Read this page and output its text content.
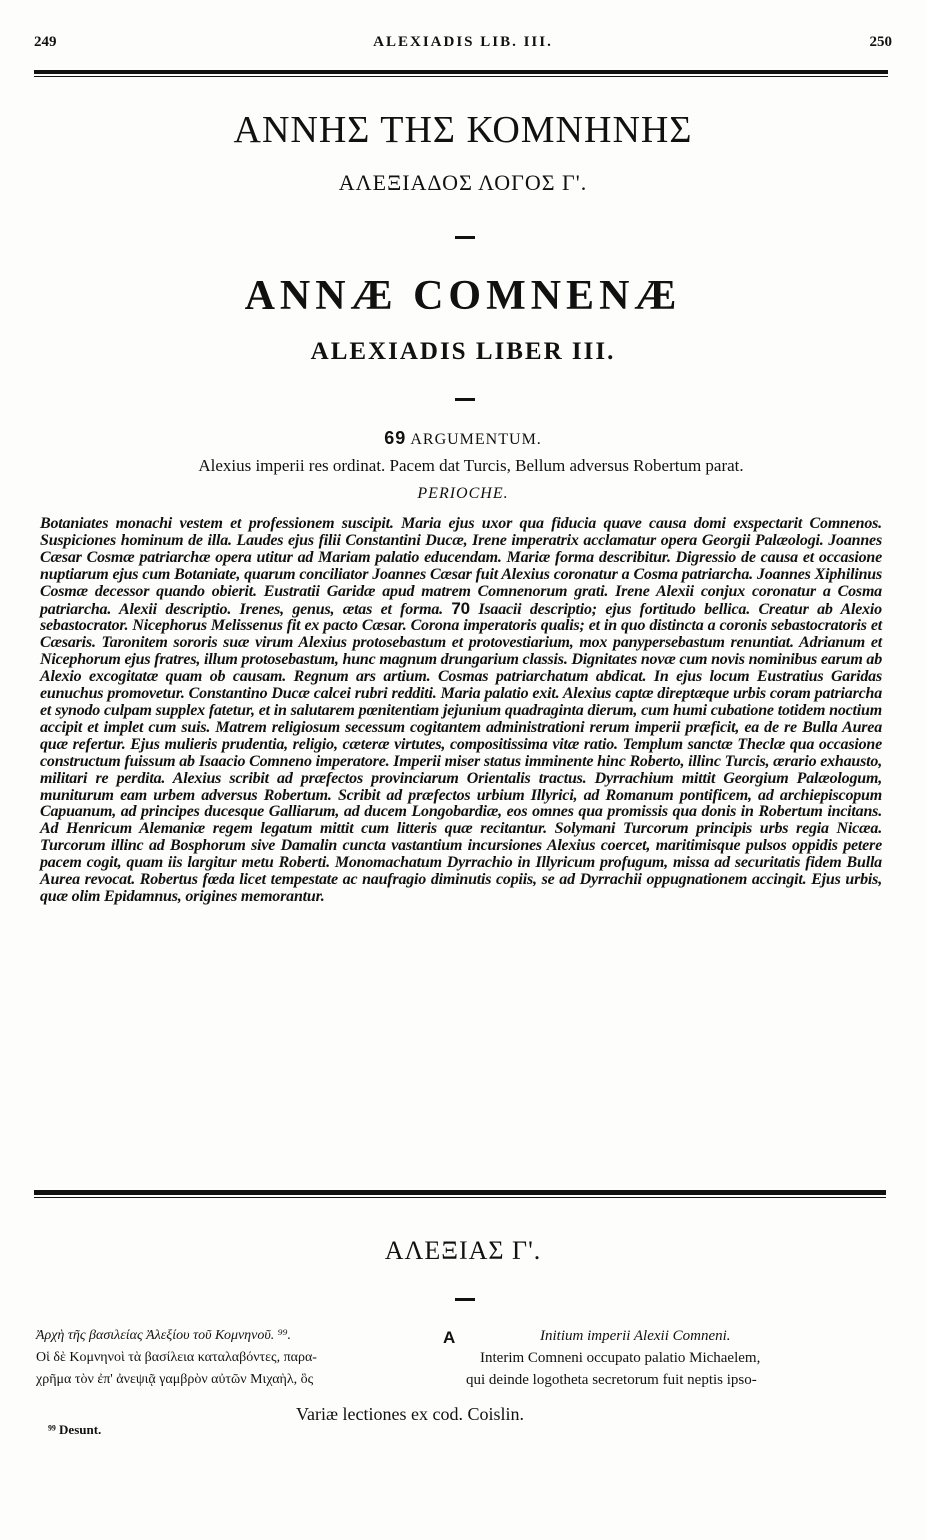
249	ALEXIADIS LIB. III.	250
ΑΝΝΗΣ ΤΗΣ ΚΟΜΝΗΝΗΣ
ΑΛΕΞΙΑΔΟΣ ΛΟΓΟΣ Γ'.
ANNÆ COMNENÆ
ALEXIADIS LIBER III.
69 ARGUMENTUM.
Alexius imperii res ordinat. Pacem dat Turcis, Bellum adversus Robertum parat.
PERIOCHE.
Botaniates monachi vestem et professionem suscipit. Maria ejus uxor qua fiducia quave causa domi exspectarit Comnenos. Suspiciones hominum de illa. Laudes ejus filii Constantini Ducæ, Irene imperatrix acclamatur opera Georgii Palæologi. Joannes Cæsar Cosmæ patriarchæ opera utitur ad Mariam palatio educendam. Mariæ forma describitur. Digressio de causa et occasione nuptiarum ejus cum Botaniate, quarum conciliator Joannes Cæsar fuit Alexius coronatur a Cosma patriarcha. Joannes Xiphilinus Cosmæ decessor quando obierit. Eustratii Garidæ apud matrem Comnenorum grati. Irene Alexii conjux coronatur a Cosma patriarcha. Alexii descriptio. Irenes, genus, ætas et forma. 70 Isaacii descriptio; ejus fortitudo bellica. Creatur ab Alexio sebastocrator. Nicephorus Melissenus fit ex pacto Cæsar. Corona imperatoris qualis; et in quo distincta a coronis sebastocratoris et Cæsaris. Taronitem sororis suæ virum Alexius protosebastum et protovestiarium, mox panypersebastum renuntiat. Adrianum et Nicephorum ejus fratres, illum protosebastum, hunc magnum drungarium classis. Dignitates novæ cum novis nominibus earum ab Alexio excogitatæ quam ob causam. Regnum ars artium. Cosmas patriarchatum abdicat. In ejus locum Eustratius Garidas eunuchus promovetur. Constantino Ducæ calcei rubri redditi. Maria palatio exit. Alexius captæ direptæque urbis coram patriarcha et synodo culpam supplex fatetur, et in salutarem pœnitentiam jejunium quadraginta dierum, cum humi cubatione totidem noctium accipit et implet cum suis. Matrem religiosum secessum cogitantem administrationi rerum imperii præficit, ea de re Bulla Aurea quæ refertur. Ejus mulieris prudentia, religio, cæteræ virtutes, compositissima vitæ ratio. Templum sanctæ Theclæ qua occasione constructum fuissum ab Isaacio Comneno imperatore. Imperii miser status imminente hinc Roberto, illinc Turcis, ærario exhausto, militari re perdita. Alexius scribit ad præfectos provinciarum Orientalis tractus. Dyrrachium mittit Georgium Palæologum, muniturum eam urbem adversus Robertum. Scribit ad præfectos urbium Illyrici, ad Romanum pontificem, ad archiepiscopum Capuanum, ad principes ducesque Galliarum, ad ducem Longobardiæ, eos omnes qua promissis qua donis in Robertum incitans. Ad Henricum Alemaniæ regem legatum mittit cum litteris quæ recitantur. Solymani Turcorum principis urbs regia Nicæa. Turcorum illinc ad Bosphorum sive Damalin cuncta vastantium incursiones Alexius coercet, maritimisque pulsos oppidis petere pacem cogit, quam iis largitur metu Roberti. Monomachatum Dyrrachio in Illyricum profugum, missa ad securitatis fidem Bulla Aurea revocat. Robertus fœda licet tempestate ac naufragio diminutis copiis, se ad Dyrrachii oppugnationem accingit. Ejus urbis, quæ olim Epidamnus, origines memorantur.
ΑΛΕΞΙΑΣ Γ'.
Ἀρχὴ τῆς βασιλείας Ἀλεξίου τοῦ Κομνηνοῦ. ⁹⁹.
Οἱ δὲ Κομνηνοὶ τὰ βασίλεια καταλαβόντες, παρα-
χρῆμα τὸν ἐπ' ἀνεψιᾷ γαμβρὸν αὐτῶν Μιχαὴλ, ὃς
A	Initium imperii Alexii Comneni.
Interim Comneni occupato palatio Michaelem,
qui deinde logotheta secretorum fuit neptis ipso-
Variæ lectiones ex cod. Coislin.
⁹⁹ Desunt.
